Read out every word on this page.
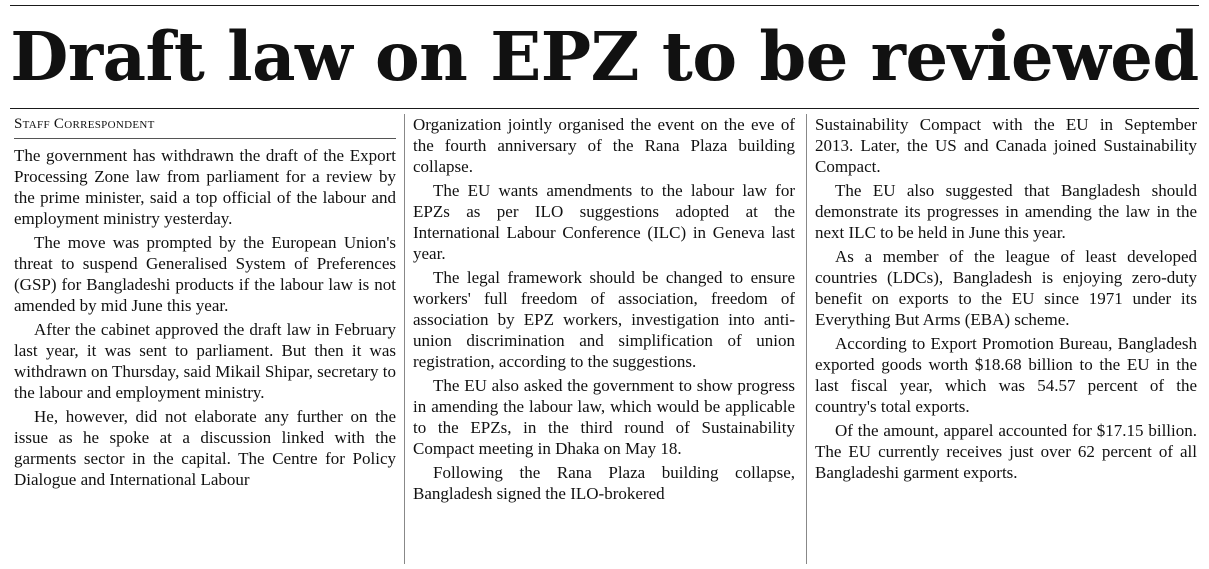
Draft law on EPZ to be reviewed
Staff Correspondent

The government has withdrawn the draft of the Export Processing Zone law from parliament for a review by the prime minister, said a top official of the labour and employment ministry yesterday.

The move was prompted by the European Union's threat to suspend Generalised System of Preferences (GSP) for Bangladeshi products if the labour law is not amended by mid June this year.

After the cabinet approved the draft law in February last year, it was sent to parliament. But then it was withdrawn on Thursday, said Mikail Shipar, secretary to the labour and employment ministry.

He, however, did not elaborate any further on the issue as he spoke at a discussion linked with the garments sector in the capital. The Centre for Policy Dialogue and International Labour

Organization jointly organised the event on the eve of the fourth anniversary of the Rana Plaza building collapse.

The EU wants amendments to the labour law for EPZs as per ILO suggestions adopted at the International Labour Conference (ILC) in Geneva last year.

The legal framework should be changed to ensure workers' full freedom of association, freedom of association by EPZ workers, investigation into anti-union discrimination and simplification of union registration, according to the suggestions.

The EU also asked the government to show progress in amending the labour law, which would be applicable to the EPZs, in the third round of Sustainability Compact meeting in Dhaka on May 18.

Following the Rana Plaza building collapse, Bangladesh signed the ILO-brokered

Sustainability Compact with the EU in September 2013. Later, the US and Canada joined Sustainability Compact.

The EU also suggested that Bangladesh should demonstrate its progresses in amending the law in the next ILC to be held in June this year.

As a member of the league of least developed countries (LDCs), Bangladesh is enjoying zero-duty benefit on exports to the EU since 1971 under its Everything But Arms (EBA) scheme.

According to Export Promotion Bureau, Bangladesh exported goods worth $18.68 billion to the EU in the last fiscal year, which was 54.57 percent of the country's total exports.

Of the amount, apparel accounted for $17.15 billion. The EU currently receives just over 62 percent of all Bangladeshi garment exports.
